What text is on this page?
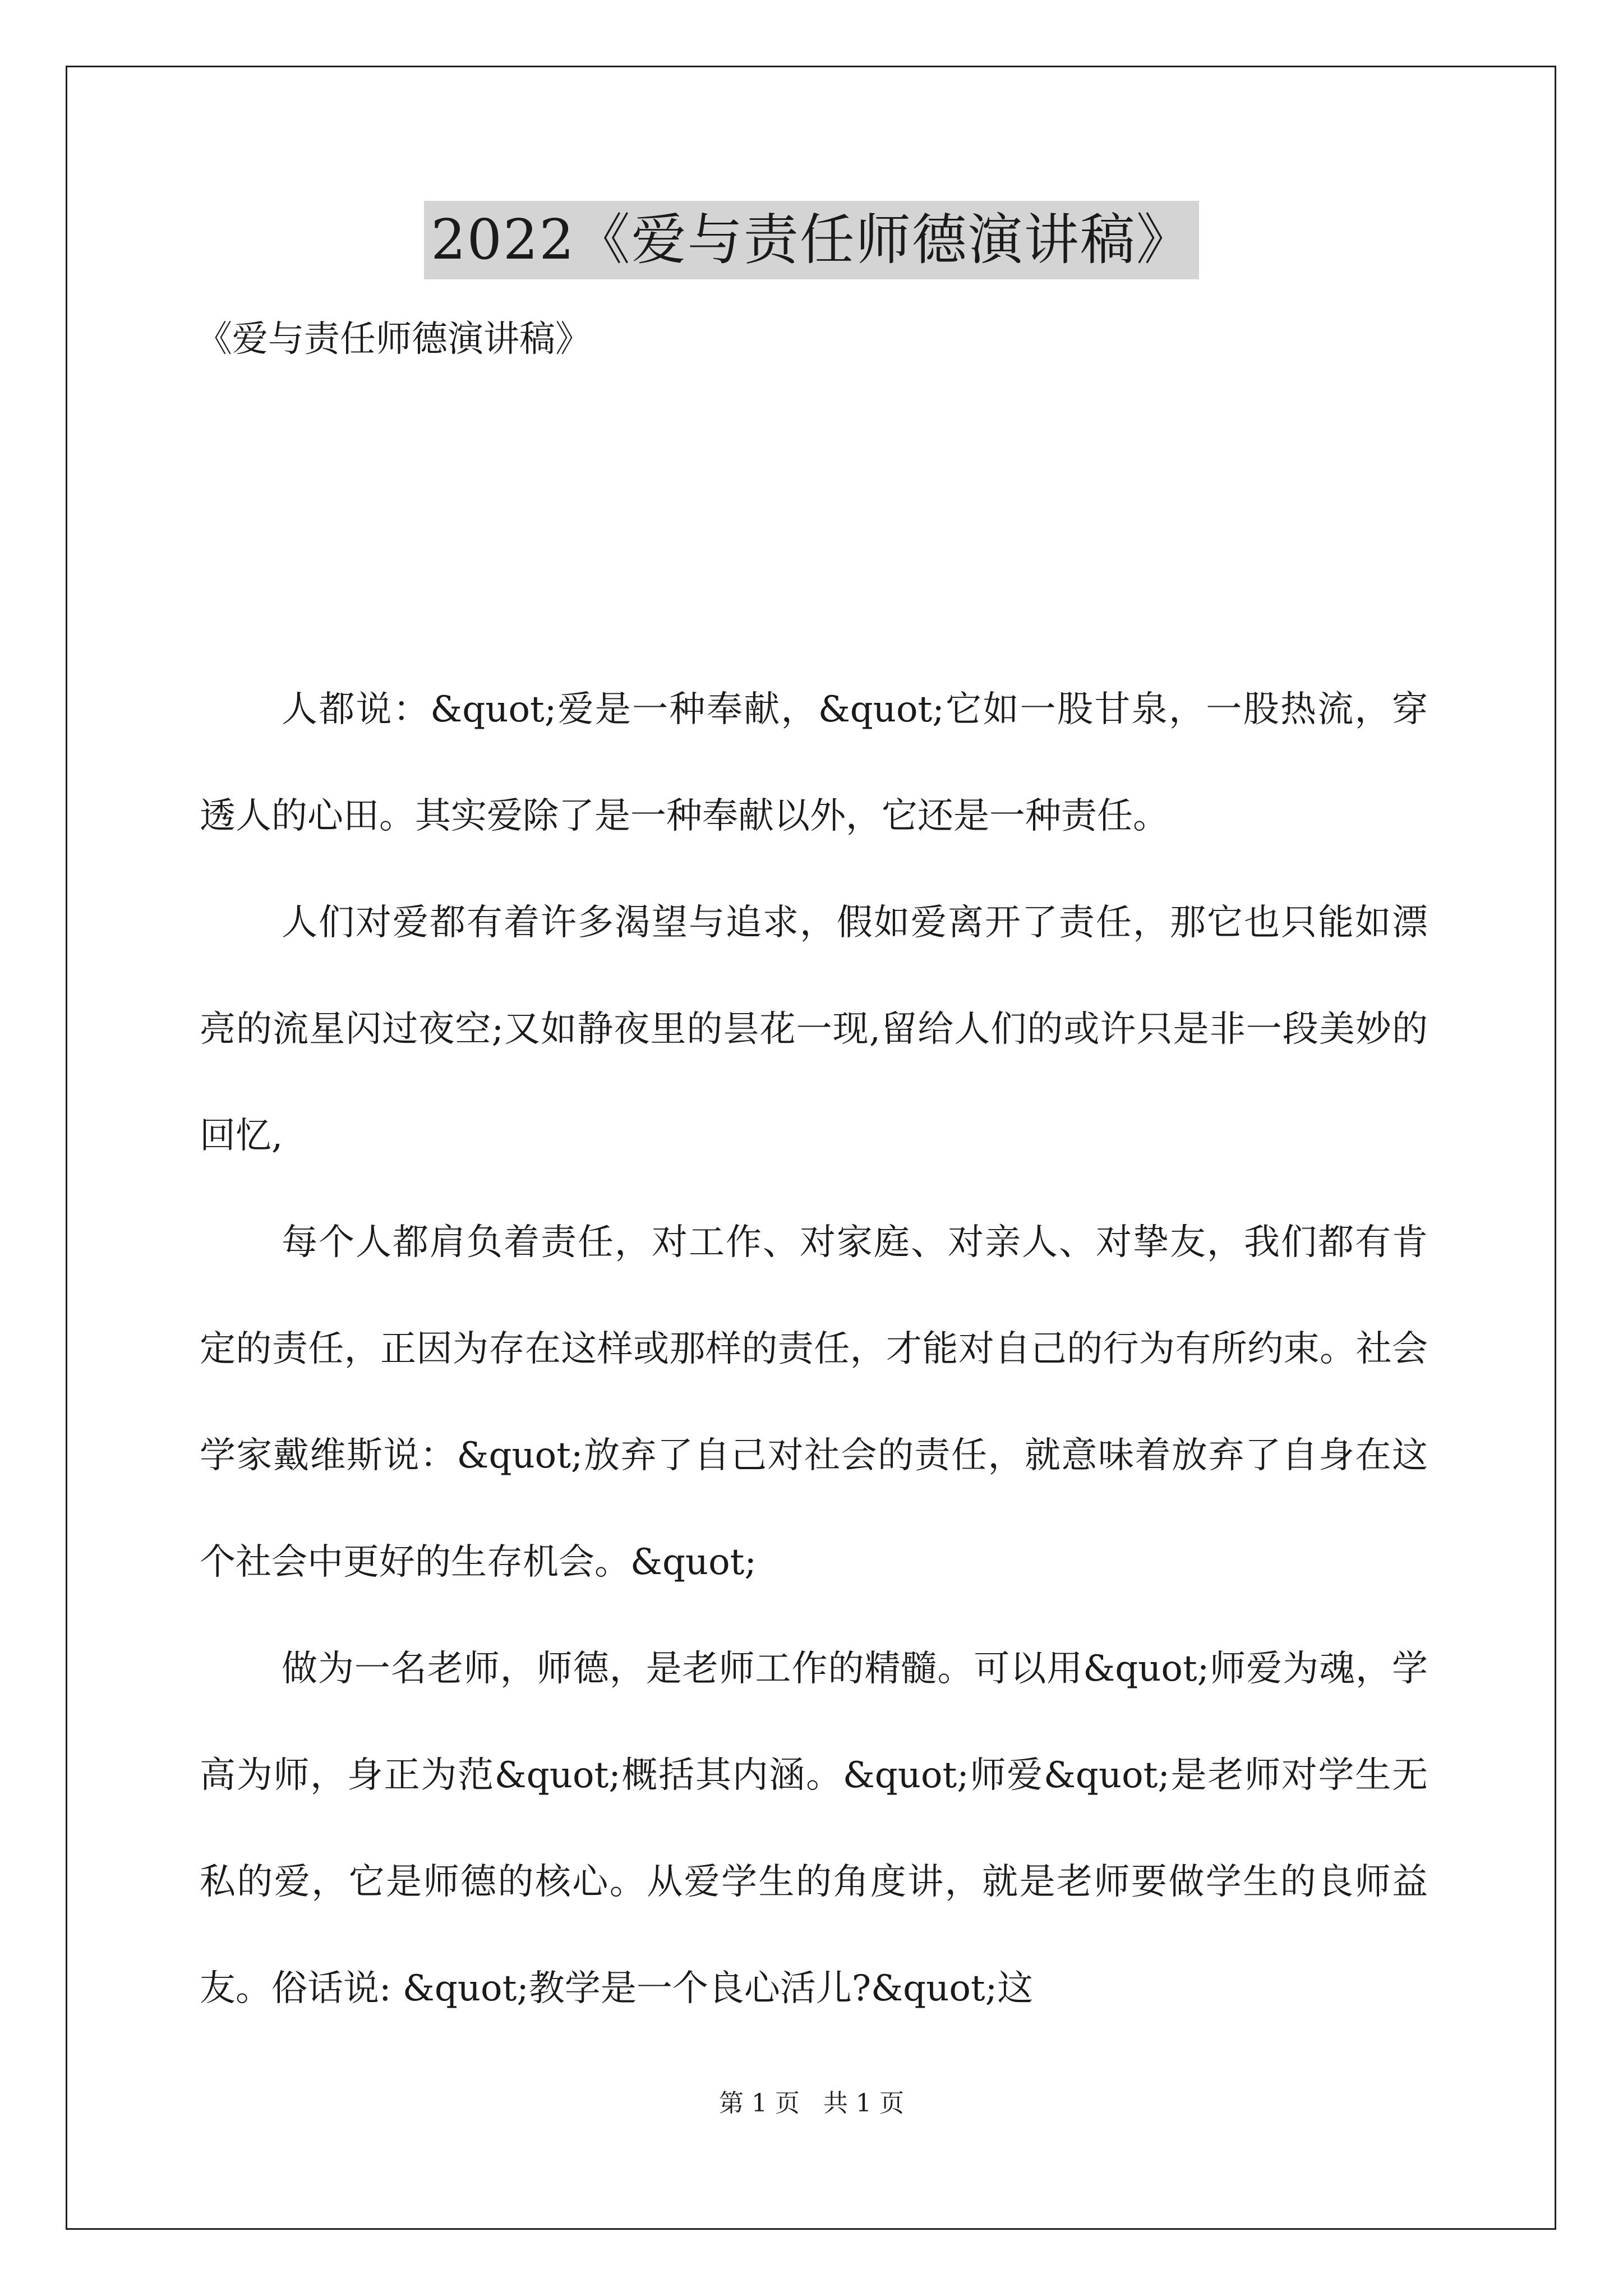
2022《爱与责任师德演讲稿》
《爱与责任师德演讲稿》

人都说：&quot;爱是一种奉献，&quot;它如一股甘泉，一股热流，穿透人的心田。其实爱除了是一种奉献以外，它还是一种责任。

人们对爱都有着许多渴望与追求，假如爱离开了责任，那它也只能如漂亮的流星闪过夜空;又如静夜里的昙花一现,留给人们的或许只是非一段美妙的回忆,

每个人都肩负着责任，对工作、对家庭、对亲人、对挚友，我们都有肯定的责任，正因为存在这样或那样的责任，才能对自己的行为有所约束。社会学家戴维斯说：&quot;放弃了自己对社会的责任，就意味着放弃了自身在这个社会中更好的生存机会。&quot;

做为一名老师，师德，是老师工作的精髓。可以用&quot;师爱为魂，学高为师，身正为范&quot;概括其内涵。&quot;师爱&quot;是老师对学生无私的爱，它是师德的核心。从爱学生的角度讲，就是老师要做学生的良师益友。俗话说: &quot;教学是一个良心活儿?&quot;这

第 1 页   共 1 页
